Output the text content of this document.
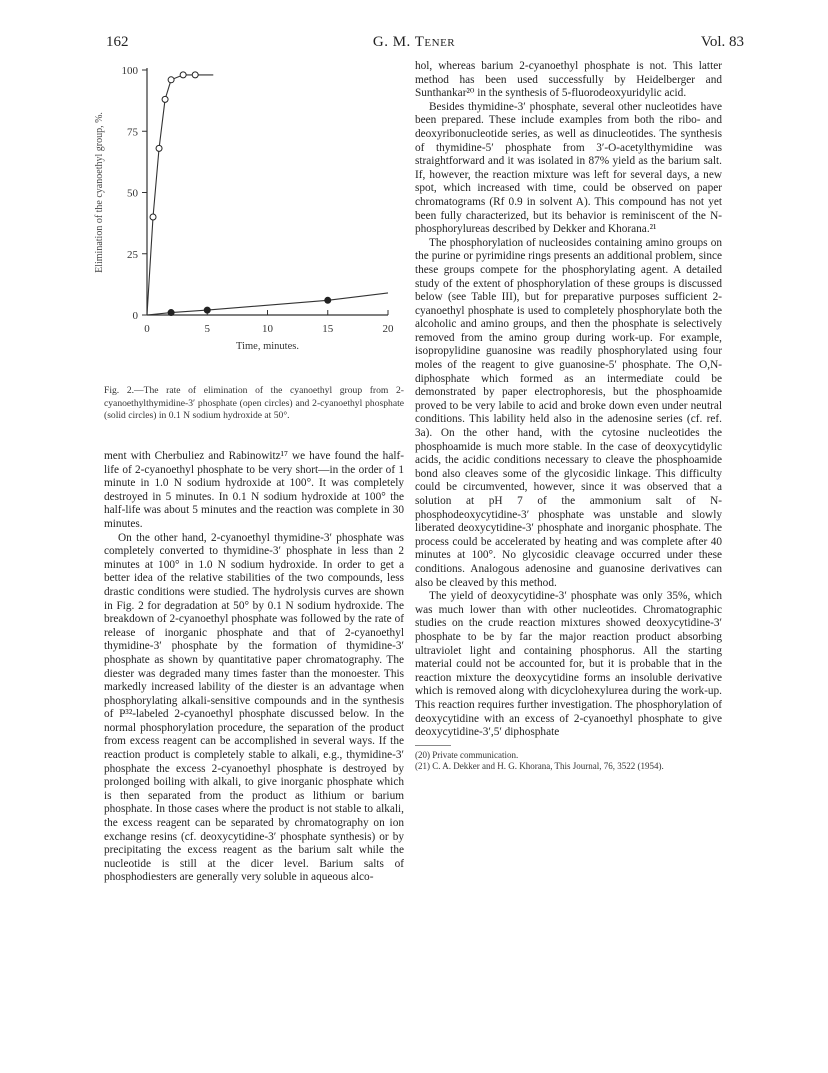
162	G. M. Tener	Vol. 83
0
25
50
75
100
0	5	10	15	20
Time, minutes.
Elimination of the cyanoethyl group, %.
Fig. 2.—The rate of elimination of the cyanoethyl group from 2-cyanoethylthymidine-3′ phosphate (open circles) and 2-cyanoethyl phosphate (solid circles) in 0.1 N sodium hydroxide at 50°.

ment with Cherbuliez and Rabinowitz¹⁷ we have found the half-life of 2-cyanoethyl phosphate to be very short—in the order of 1 minute in 1.0 N sodium hydroxide at 100°. It was completely destroyed in 5 minutes. In 0.1 N sodium hydroxide at 100° the half-life was about 5 minutes and the reaction was complete in 30 minutes.

On the other hand, 2-cyanoethyl thymidine-3′ phosphate was completely converted to thymidine-3′ phosphate in less than 2 minutes at 100° in 1.0 N sodium hydroxide. In order to get a better idea of the relative stabilities of the two compounds, less drastic conditions were studied. The hydrolysis curves are shown in Fig. 2 for degradation at 50° by 0.1 N sodium hydroxide. The breakdown of 2-cyanoethyl phosphate was followed by the rate of release of inorganic phosphate and that of 2-cyanoethyl thymidine-3′ phosphate by the formation of thymidine-3′ phosphate as shown by quantitative paper chromatography. The diester was degraded many times faster than the monoester. This markedly increased lability of the diester is an advantage when phosphorylating alkali-sensitive compounds and in the synthesis of P³²-labeled 2-cyanoethyl phosphate discussed below. In the normal phosphorylation procedure, the separation of the product from excess reagent can be accomplished in several ways. If the reaction product is completely stable to alkali, e.g., thymidine-3′ phosphate the excess 2-cyanoethyl phosphate is destroyed by prolonged boiling with alkali, to give inorganic phosphate which is then separated from the product as lithium or barium phosphate. In those cases where the product is not stable to alkali, the excess reagent can be separated by chromatography on ion exchange resins (cf. deoxycytidine-3′ phosphate synthesis) or by precipitating the excess reagent as the barium salt while the nucleotide is still at the dicer level. Barium salts of phosphodiesters are generally very soluble in aqueous alco-

hol, whereas barium 2-cyanoethyl phosphate is not. This latter method has been used successfully by Heidelberger and Sunthankar²⁰ in the synthesis of 5-fluorodeoxyuridylic acid.

Besides thymidine-3′ phosphate, several other nucleotides have been prepared. These include examples from both the ribo- and deoxyribonucleotide series, as well as dinucleotides. The synthesis of thymidine-5′ phosphate from 3′-O-acetylthymidine was straightforward and it was isolated in 87% yield as the barium salt. If, however, the reaction mixture was left for several days, a new spot, which increased with time, could be observed on paper chromatograms (Rf 0.9 in solvent A). This compound has not yet been fully characterized, but its behavior is reminiscent of the N-phosphorylureas described by Dekker and Khorana.²¹

The phosphorylation of nucleosides containing amino groups on the purine or pyrimidine rings presents an additional problem, since these groups compete for the phosphorylating agent. A detailed study of the extent of phosphorylation of these groups is discussed below (see Table III), but for preparative purposes sufficient 2-cyanoethyl phosphate is used to completely phosphorylate both the alcoholic and amino groups, and then the phosphate is selectively removed from the amino group during work-up. For example, isopropylidine guanosine was readily phosphorylated using four moles of the reagent to give guanosine-5′ phosphate. The O,N-diphosphate which formed as an intermediate could be demonstrated by paper electrophoresis, but the phosphoamide proved to be very labile to acid and broke down even under neutral conditions. This lability held also in the adenosine series (cf. ref. 3a). On the other hand, with the cytosine nucleotides the phosphoamide is much more stable. In the case of deoxycytidylic acids, the acidic conditions necessary to cleave the phosphoamide bond also cleaves some of the glycosidic linkage. This difficulty could be circumvented, however, since it was observed that a solution at pH 7 of the ammonium salt of N-phosphodeoxycytidine-3′ phosphate was unstable and slowly liberated deoxycytidine-3′ phosphate and inorganic phosphate. The process could be accelerated by heating and was complete after 40 minutes at 100°. No glycosidic cleavage occurred under these conditions. Analogous adenosine and guanosine derivatives can also be cleaved by this method.

The yield of deoxycytidine-3′ phosphate was only 35%, which was much lower than with other nucleotides. Chromatographic studies on the crude reaction mixtures showed deoxycytidine-3′ phosphate to be by far the major reaction product absorbing ultraviolet light and containing phosphorus. All the starting material could not be accounted for, but it is probable that in the reaction mixture the deoxycytidine forms an insoluble derivative which is removed along with dicyclohexylurea during the work-up. This reaction requires further investigation. The phosphorylation of deoxycytidine with an excess of 2-cyanoethyl phosphate to give deoxycytidine-3′,5′ diphosphate

(20) Private communication.

(21) C. A. Dekker and H. G. Khorana, This Journal, 76, 3522 (1954).
